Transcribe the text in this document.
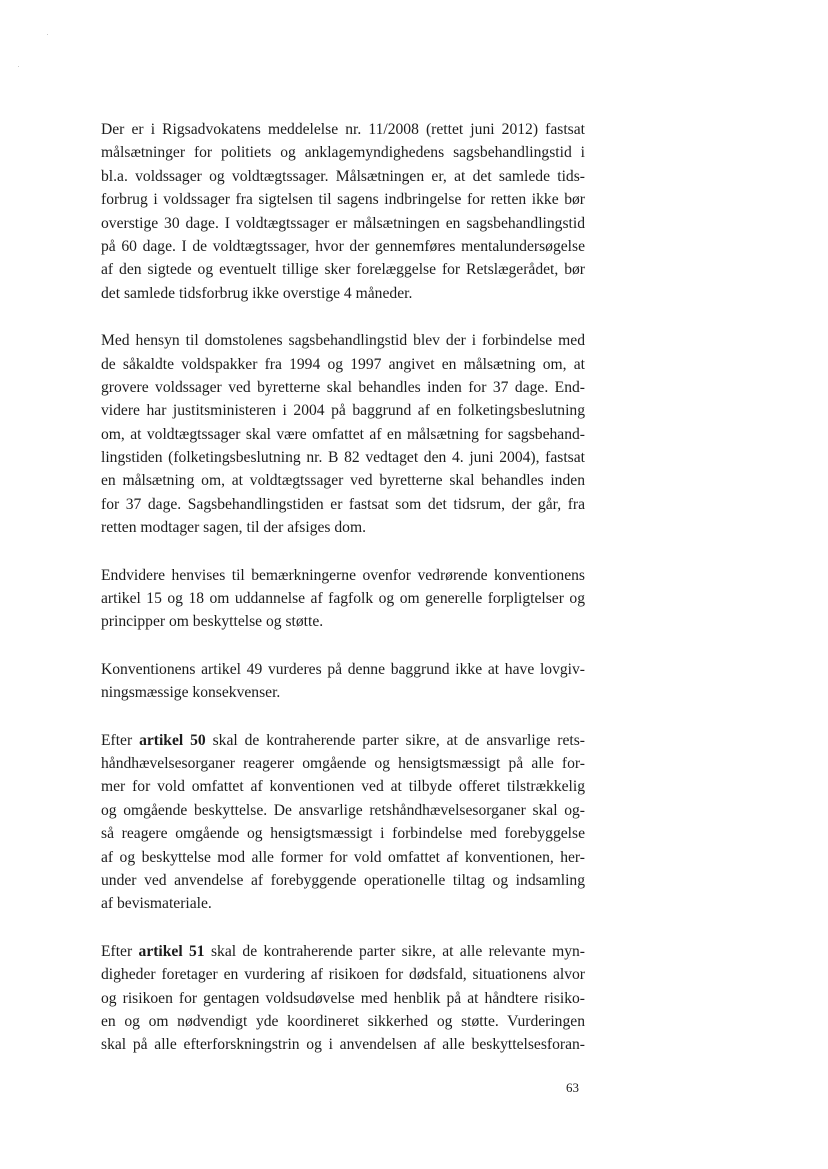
Der er i Rigsadvokatens meddelelse nr. 11/2008 (rettet juni 2012) fastsat
målsætninger for politiets og anklagemyndighedens sagsbehandlingstid i
bl.a. voldssager og voldtægtssager. Målsætningen er, at det samlede tids-
forbrug i voldssager fra sigtelsen til sagens indbringelse for retten ikke bør
overstige 30 dage. I voldtægtssager er målsætningen en sagsbehandlingstid
på 60 dage. I de voldtægtssager, hvor der gennemføres mentalundersøgelse
af den sigtede og eventuelt tillige sker forelæggelse for Retslægerådet, bør
det samlede tidsforbrug ikke overstige 4 måneder.
Med hensyn til domstolenes sagsbehandlingstid blev der i forbindelse med
de såkaldte voldspakker fra 1994 og 1997 angivet en målsætning om, at
grovere voldssager ved byretterne skal behandles inden for 37 dage. End-
videre har justitsministeren i 2004 på baggrund af en folketingsbeslutning
om, at voldtægtssager skal være omfattet af en målsætning for sagsbehand-
lingstiden (folketingsbeslutning nr. B 82 vedtaget den 4. juni 2004), fastsat
en målsætning om, at voldtægtssager ved byretterne skal behandles inden
for 37 dage. Sagsbehandlingstiden er fastsat som det tidsrum, der går, fra
retten modtager sagen, til der afsiges dom.
Endvidere henvises til bemærkningerne ovenfor vedrørende konventionens
artikel 15 og 18 om uddannelse af fagfolk og om generelle forpligtelser og
principper om beskyttelse og støtte.
Konventionens artikel 49 vurderes på denne baggrund ikke at have lovgiv-
ningsmæssige konsekvenser.
Efter artikel 50 skal de kontraherende parter sikre, at de ansvarlige rets-
håndhævelsesorganer reagerer omgående og hensigtsmæssigt på alle for-
mer for vold omfattet af konventionen ved at tilbyde offeret tilstrækkelig
og omgående beskyttelse. De ansvarlige retshåndhævelsesorganer skal og-
så reagere omgående og hensigtsmæssigt i forbindelse med forebyggelse
af og beskyttelse mod alle former for vold omfattet af konventionen, her-
under ved anvendelse af forebyggende operationelle tiltag og indsamling
af bevismateriale.
Efter artikel 51 skal de kontraherende parter sikre, at alle relevante myn-
digheder foretager en vurdering af risikoen for dødsfald, situationens alvor
og risikoen for gentagen voldsudøvelse med henblik på at håndtere risiko-
en og om nødvendigt yde koordineret sikkerhed og støtte. Vurderingen
skal på alle efterforskningstrin og i anvendelsen af alle beskyttelsesforan-
63
